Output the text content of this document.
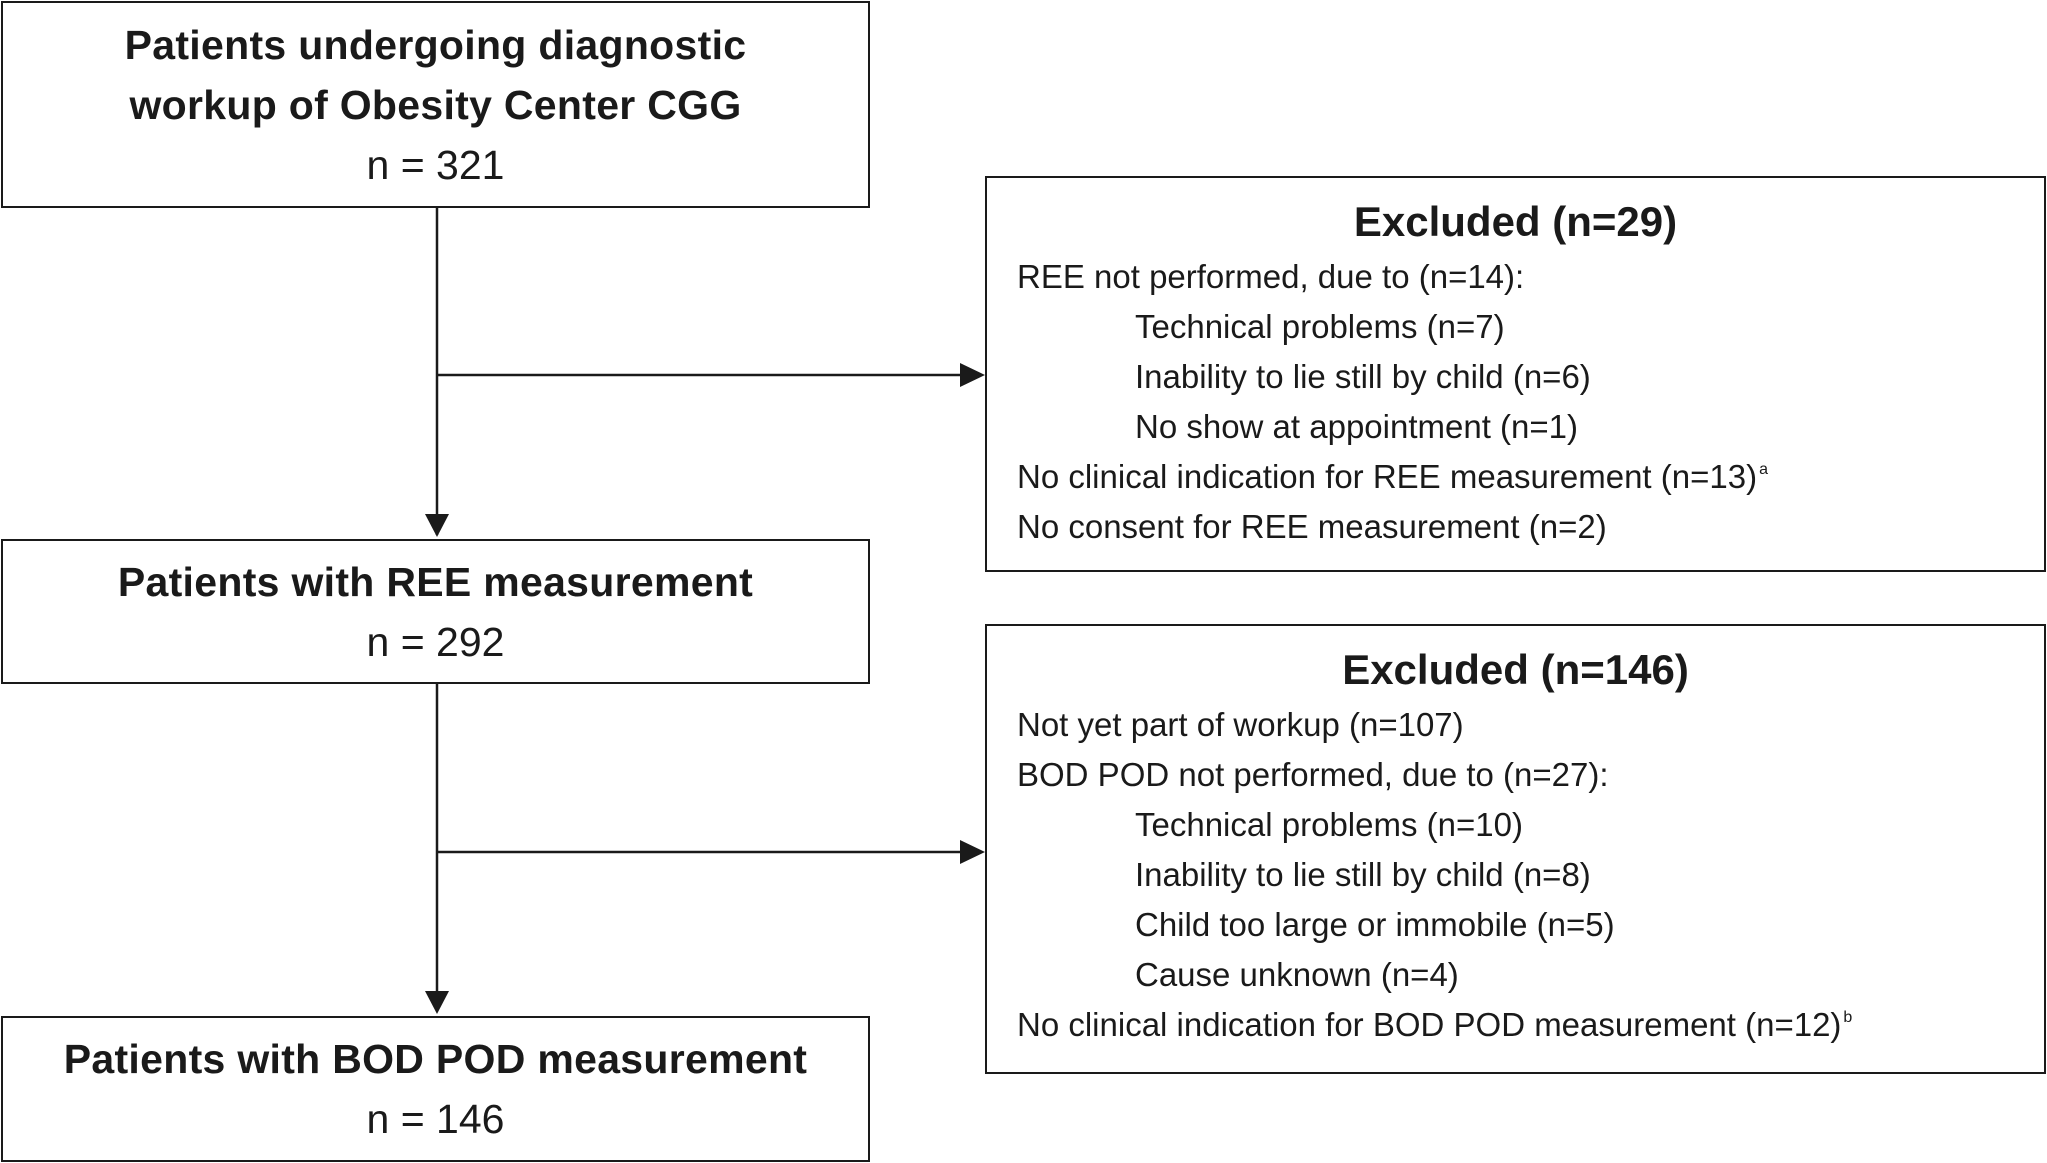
Patients undergoing diagnostic
workup of Obesity Center CGG
n = 321
Patients with REE measurement
n = 292
Patients with BOD POD measurement
n = 146
Excluded (n=29)
REE not performed, due to (n=14):
Technical problems (n=7)
Inability to lie still by child (n=6)
No show at appointment (n=1)
No clinical indication for REE measurement (n=13) $^a$
No consent for REE measurement (n=2)
Excluded (n=146)
Not yet part of workup (n=107)
BOD POD not performed, due to (n=27):
Technical problems (n=10)
Inability to lie still by child (n=8)
Child too large or immobile (n=5)
Cause unknown (n=4)
No clinical indication for BOD POD measurement (n=12) $^b$
